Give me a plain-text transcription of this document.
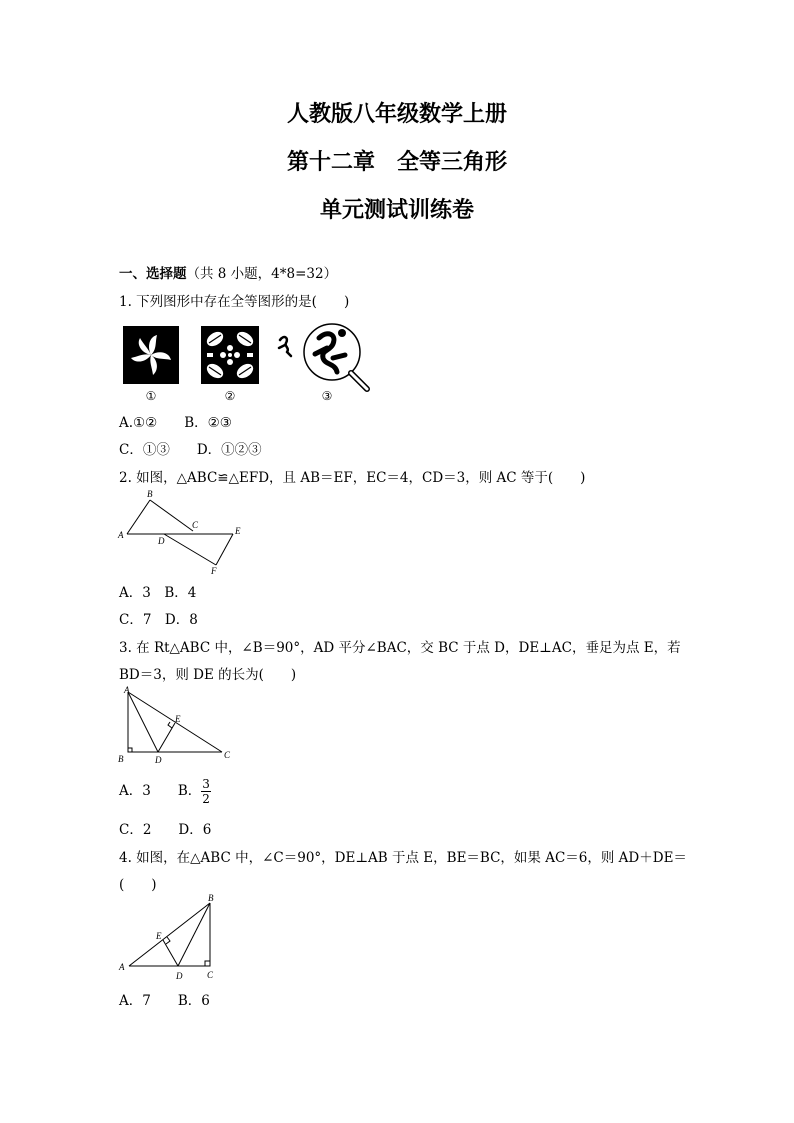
人教版八年级数学上册
第十二章　全等三角形
单元测试训练卷
一、选择题（共 8 小题，4*8=32）
1. 下列图形中存在全等图形的是(　　)
①	②	③
A.①②　　B．②③
C．①③　　D．①②③
2. 如图，△ABC≌△EFD，且 AB＝EF，EC＝4，CD＝3，则 AC 等于(　　)
A
B
C
D
E
F
A．3　B．4
C．7　D．8
3. 在 Rt△ABC 中，∠B＝90°，AD 平分∠BAC，交 BC 于点 D，DE⊥AC，垂足为点 E，若
BD＝3，则 DE 的长为(　　)
A
B	C
D
E
A．3　　B． $\frac{3}{2}$
C．2　　D．6
4. 如图，在△ABC 中，∠C＝90°，DE⊥AB 于点 E，BE＝BC，如果 AC＝6，则 AD＋DE＝
(　　)
A
B
C
D
E
A．7　　B．6
